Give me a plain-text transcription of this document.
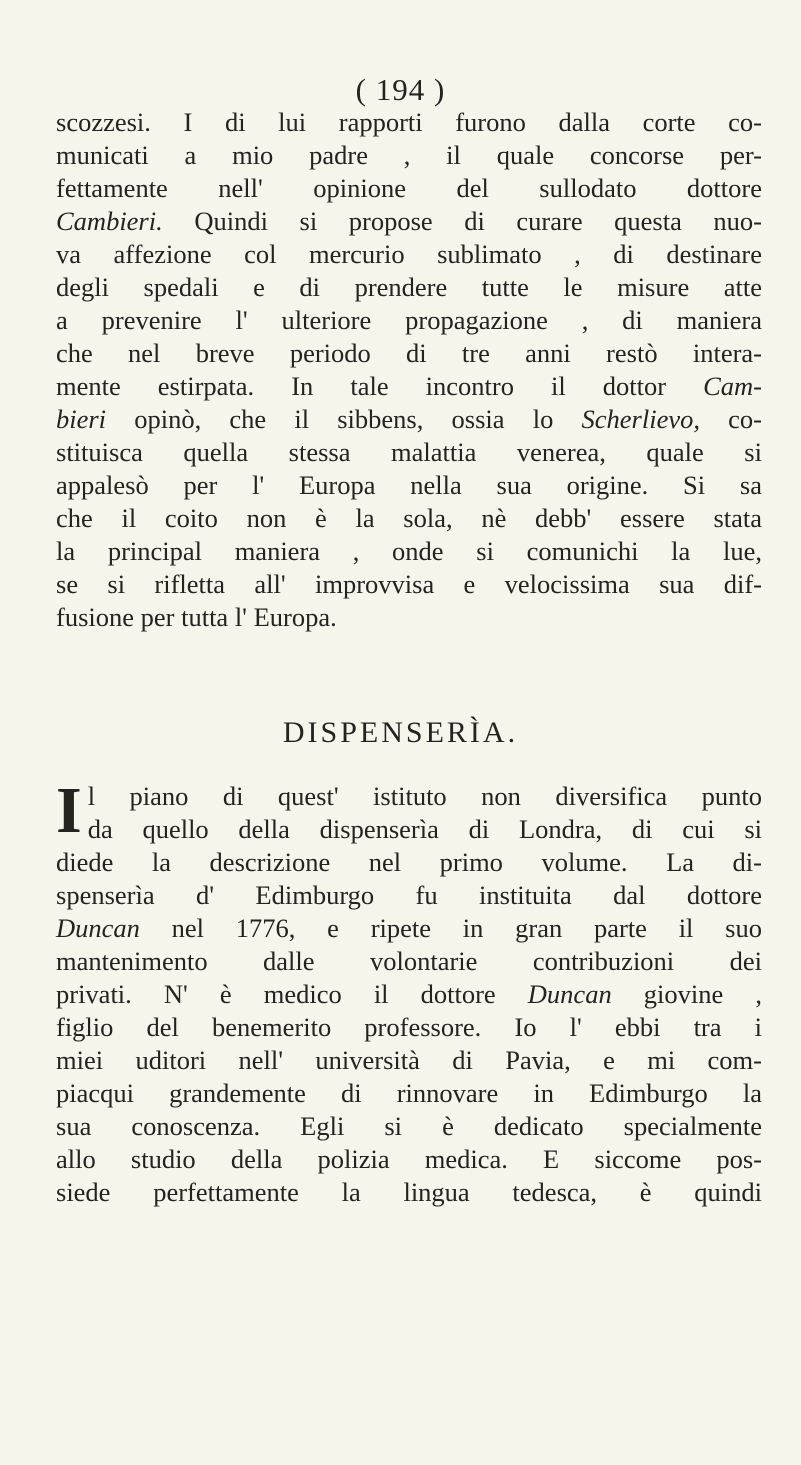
( 194 )
scozzesi. I di lui rapporti furono dalla corte co-
municati a mio padre , il quale concorse per-
fettamente nell' opinione del sullodato dottore
Cambieri. Quindi si propose di curare questa nuo-
va affezione col mercurio sublimato , di destinare
degli spedali e di prendere tutte le misure atte
a prevenire l' ulteriore propagazione , di maniera
che nel breve periodo di tre anni restò intera-
mente estirpata. In tale incontro il dottor Cam-
bieri opinò, che il sibbens, ossia lo Scherlievo, co-
stituisca quella stessa malattia venerea, quale si
appalesò per l' Europa nella sua origine. Si sa
che il coito non è la sola, nè debb' essere stata
la principal maniera , onde si comunichi la lue,
se si rifletta all' improvvisa e velocissima sua dif-
fusione per tutta l' Europa.
DISPENSERÌA.
I l piano di quest' istituto non diversifica punto
da quello della dispenserìa di Londra, di cui si
diede la descrizione nel primo volume. La di-
spenserìa d' Edimburgo fu instituita dal dottore
Duncan nel 1776, e ripete in gran parte il suo
mantenimento dalle volontarie contribuzioni dei
privati. N' è medico il dottore Duncan giovine ,
figlio del benemerito professore. Io l' ebbi tra i
miei uditori nell' università di Pavia, e mi com-
piacqui grandemente di rinnovare in Edimburgo la
sua conoscenza. Egli si è dedicato specialmente
allo studio della polizia medica. E siccome pos-
siede perfettamente la lingua tedesca, è quindi
